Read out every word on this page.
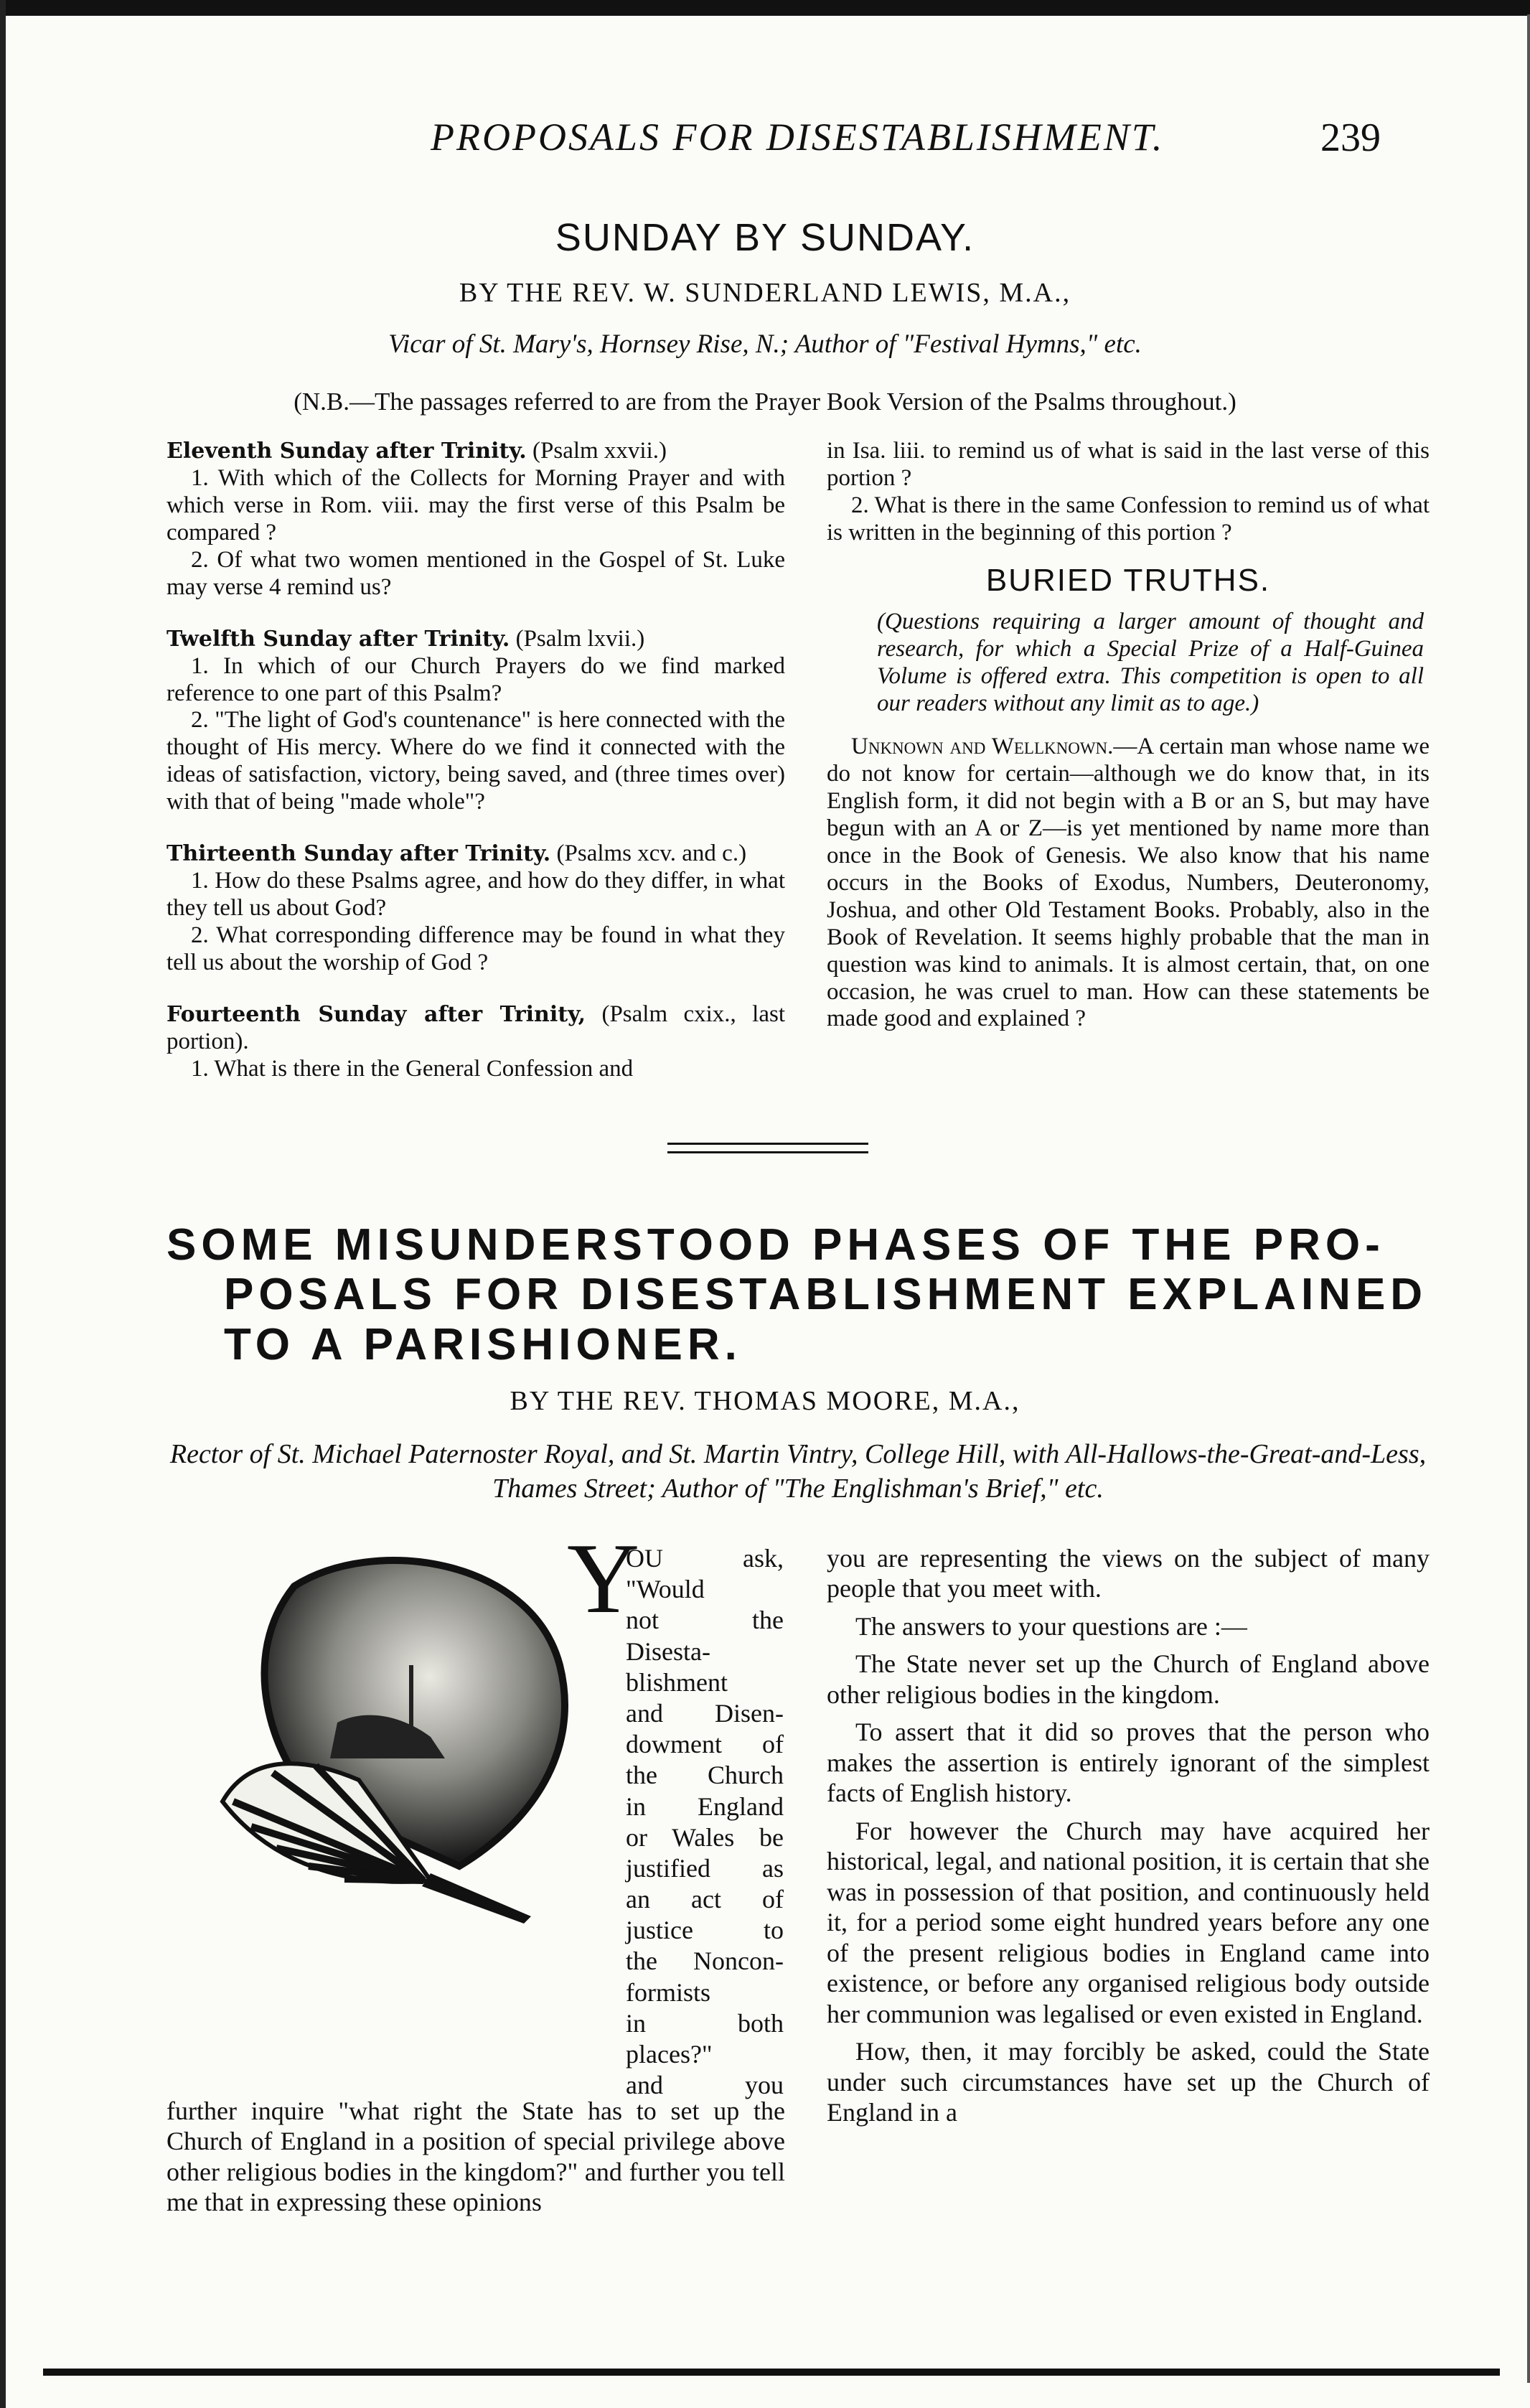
PROPOSALS FOR DISESTABLISHMENT.	239
SUNDAY BY SUNDAY.
BY THE REV. W. SUNDERLAND LEWIS, M.A.,
Vicar of St. Mary's, Hornsey Rise, N.; Author of "Festival Hymns," etc.
(N.B.—The passages referred to are from the Prayer Book Version of the Psalms throughout.)

Eleventh Sunday after Trinity. (Psalm xxvii.)

1. With which of the Collects for Morning Prayer and with which verse in Rom. viii. may the first verse of this Psalm be compared ?

2. Of what two women mentioned in the Gospel of St. Luke may verse 4 remind us?

Twelfth Sunday after Trinity. (Psalm lxvii.)

1. In which of our Church Prayers do we find marked reference to one part of this Psalm?

2. "The light of God's countenance" is here connected with the thought of His mercy. Where do we find it connected with the ideas of satisfaction, victory, being saved, and (three times over) with that of being "made whole"?

Thirteenth Sunday after Trinity. (Psalms xcv. and c.)

1. How do these Psalms agree, and how do they differ, in what they tell us about God?

2. What corresponding difference may be found in what they tell us about the worship of God ?

Fourteenth Sunday after Trinity, (Psalm cxix., last portion).

1. What is there in the General Confession and

in Isa. liii. to remind us of what is said in the last verse of this portion ?

2. What is there in the same Confession to remind us of what is written in the beginning of this portion ?

BURIED TRUTHS.

(Questions requiring a larger amount of thought and research, for which a Special Prize of a Half-Guinea Volume is offered extra. This competition is open to all our readers without any limit as to age.)

Unknown and Wellknown.—A certain man whose name we do not know for certain—although we do know that, in its English form, it did not begin with a B or an S, but may have begun with an A or Z—is yet mentioned by name more than once in the Book of Genesis. We also know that his name occurs in the Books of Exodus, Numbers, Deuteronomy, Joshua, and other Old Testament Books. Probably, also in the Book of Revelation. It seems highly probable that the man in question was kind to animals. It is almost certain, that, on one occasion, he was cruel to man. How can these statements be made good and explained ?

SOME MISUNDERSTOOD PHASES OF THE PRO-
POSALS FOR DISESTABLISHMENT EXPLAINED
TO A PARISHIONER.
BY THE REV. THOMAS MOORE, M.A.,
Rector of St. Michael Paternoster Royal, and St. Martin Vintry, College Hill, with All-Hallows-the-Great-and-Less, Thames Street; Author of "The Englishman's Brief," etc.
Y
OU ask,
"Would
not the
Disesta-
blishment
and Disen-
dowment of
the Church
in England
or Wales be
justified as
an act of
justice to
the Noncon-
formists
in both
places?"
and you
further inquire "what right the State has to set up the Church of England in a position of special privilege above other religious bodies in the kingdom?" and further you tell me that in expressing these opinions

you are representing the views on the subject of many people that you meet with.

The answers to your questions are :—

The State never set up the Church of England above other religious bodies in the kingdom.

To assert that it did so proves that the person who makes the assertion is entirely ignorant of the simplest facts of English history.

For however the Church may have acquired her historical, legal, and national position, it is certain that she was in possession of that position, and continuously held it, for a period some eight hundred years before any one of the present religious bodies in England came into existence, or before any organised religious body outside her communion was legalised or even existed in England.

How, then, it may forcibly be asked, could the State under such circumstances have set up the Church of England in a
